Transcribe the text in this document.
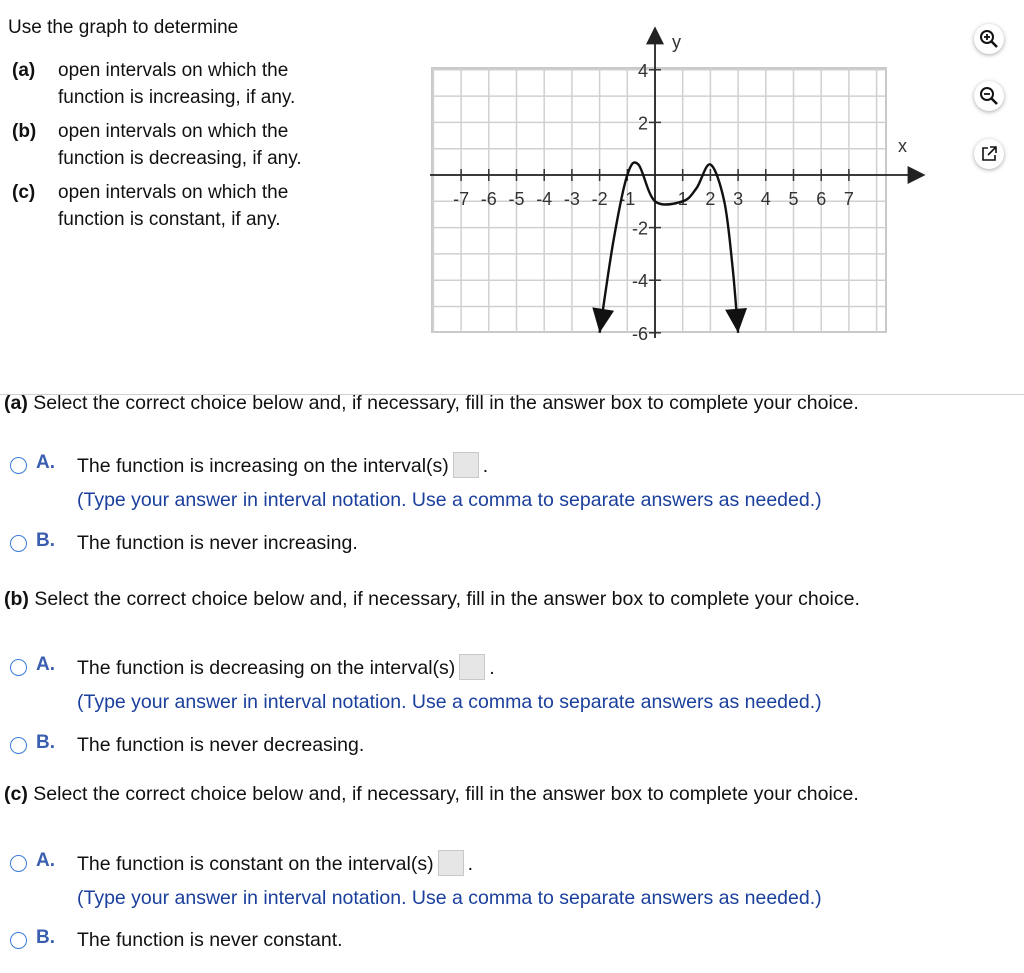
Use the graph to determine
(a) open intervals on which the
function is increasing, if any.
(b) open intervals on which the
function is decreasing, if any.
(c) open intervals on which the
function is constant, if any.
x
y
-7 -6 -5 -4 -3 -2 -1 1 2 3 4 5 6 7
4
2
-2
-4
-6
(a) Select the correct choice below and, if necessary, fill in the answer box to complete your choice.
A. The function is increasing on the interval(s) .
(Type your answer in interval notation. Use a comma to separate answers as needed.)
B. The function is never increasing.
(b) Select the correct choice below and, if necessary, fill in the answer box to complete your choice.
A. The function is decreasing on the interval(s) .
(Type your answer in interval notation. Use a comma to separate answers as needed.)
B. The function is never decreasing.
(c) Select the correct choice below and, if necessary, fill in the answer box to complete your choice.
A. The function is constant on the interval(s) .
(Type your answer in interval notation. Use a comma to separate answers as needed.)
B. The function is never constant.
